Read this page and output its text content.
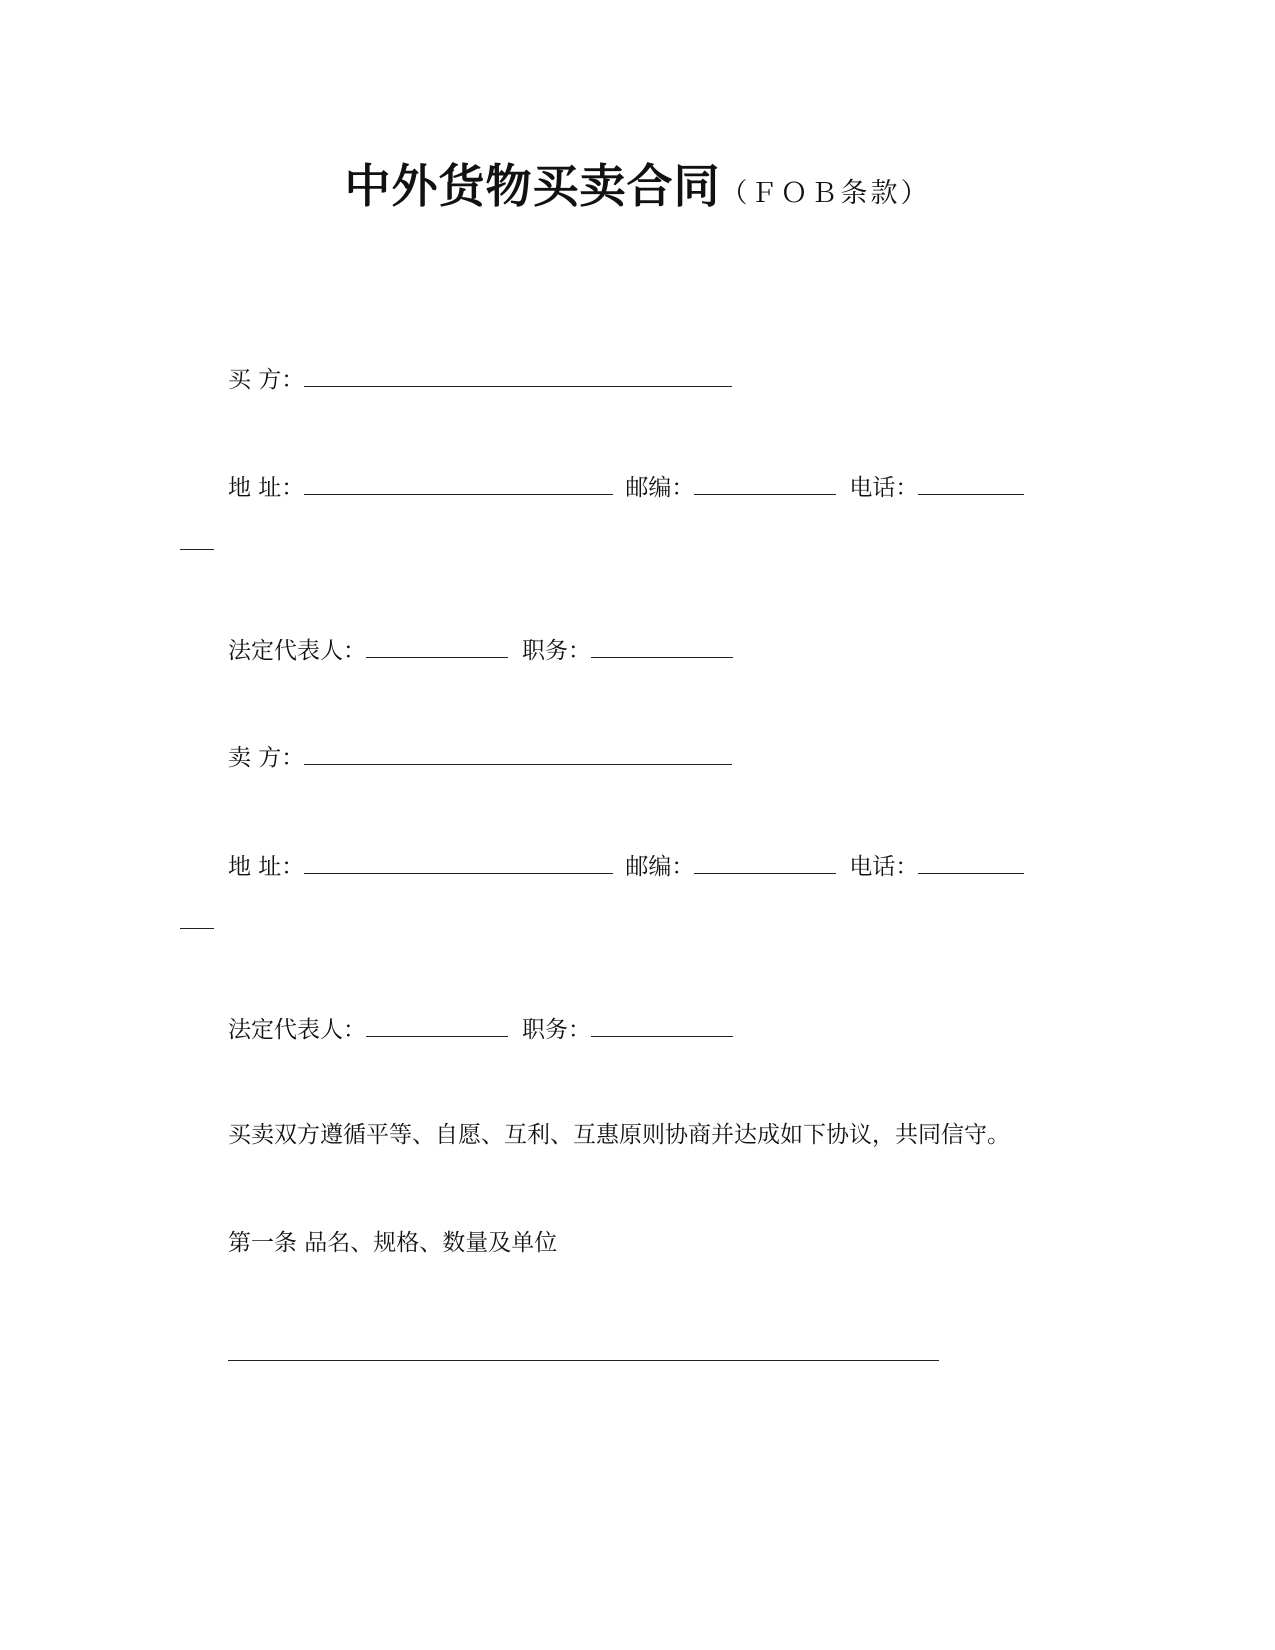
中外货物买卖合同（ＦＯＢ条款）
买 方：
地 址：	邮编：	电话：
法定代表人：	职务：
卖 方：
地 址：	邮编：	电话：
法定代表人：	职务：
买卖双方遵循平等、自愿、互利、互惠原则协商并达成如下协议，共同信守。
第一条 品名、规格、数量及单位
